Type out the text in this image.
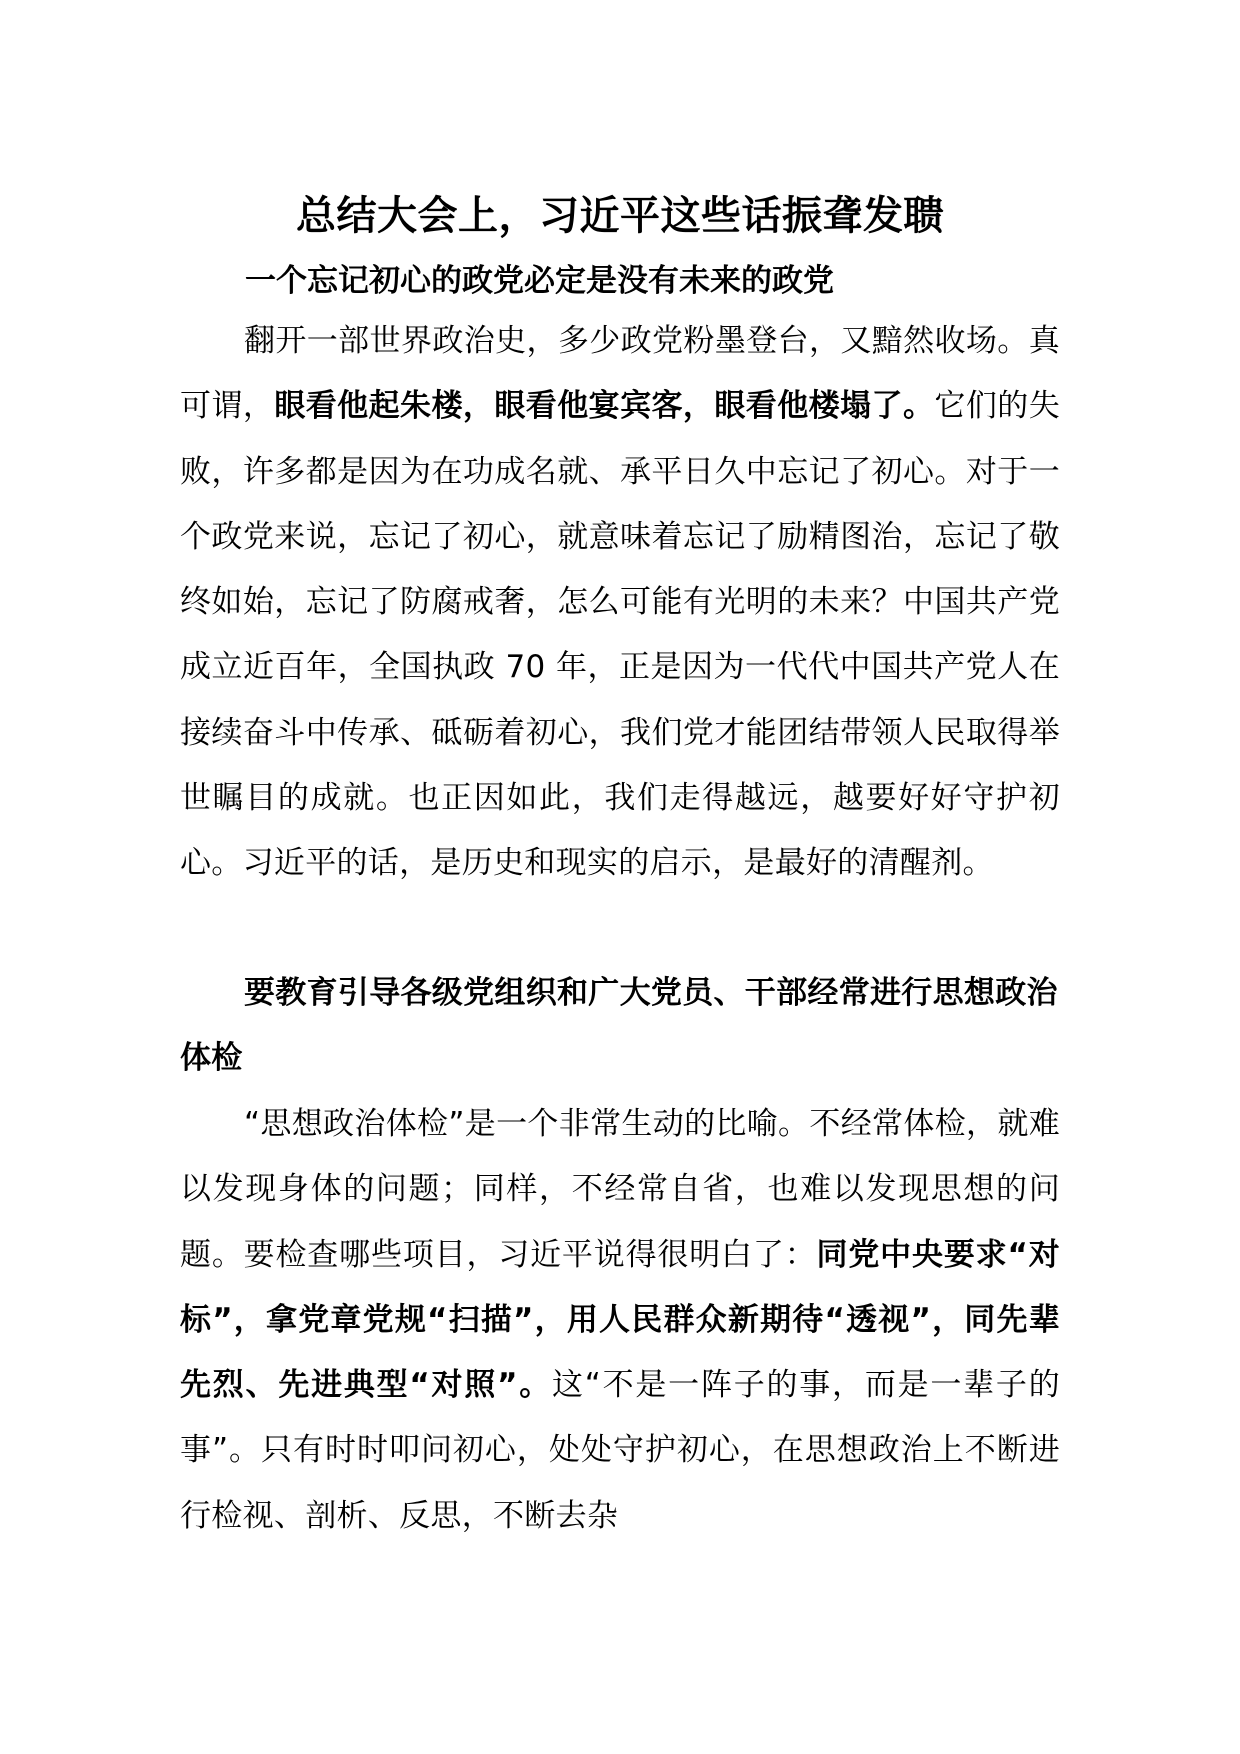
总结大会上，习近平这些话振聋发聩
一个忘记初心的政党必定是没有未来的政党

翻开一部世界政治史，多少政党粉墨登台，又黯然收场。真可谓，眼看他起朱楼，眼看他宴宾客，眼看他楼塌了。它们的失败，许多都是因为在功成名就、承平日久中忘记了初心。对于一个政党来说，忘记了初心，就意味着忘记了励精图治，忘记了敬终如始，忘记了防腐戒奢，怎么可能有光明的未来？中国共产党成立近百年，全国执政 70 年，正是因为一代代中国共产党人在接续奋斗中传承、砥砺着初心，我们党才能团结带领人民取得举世瞩目的成就。也正因如此，我们走得越远，越要好好守护初心。习近平的话，是历史和现实的启示，是最好的清醒剂。

要教育引导各级党组织和广大党员、干部经常进行思想政治体检

“思想政治体检”是一个非常生动的比喻。不经常体检，就难以发现身体的问题；同样，不经常自省，也难以发现思想的问题。要检查哪些项目，习近平说得很明白了：同党中央要求“对标”，拿党章党规“扫描”，用人民群众新期待“透视”，同先辈先烈、先进典型“对照”。这“不是一阵子的事，而是一辈子的事”。只有时时叩问初心，处处守护初心，在思想政治上不断进行检视、剖析、反思，不断去杂
